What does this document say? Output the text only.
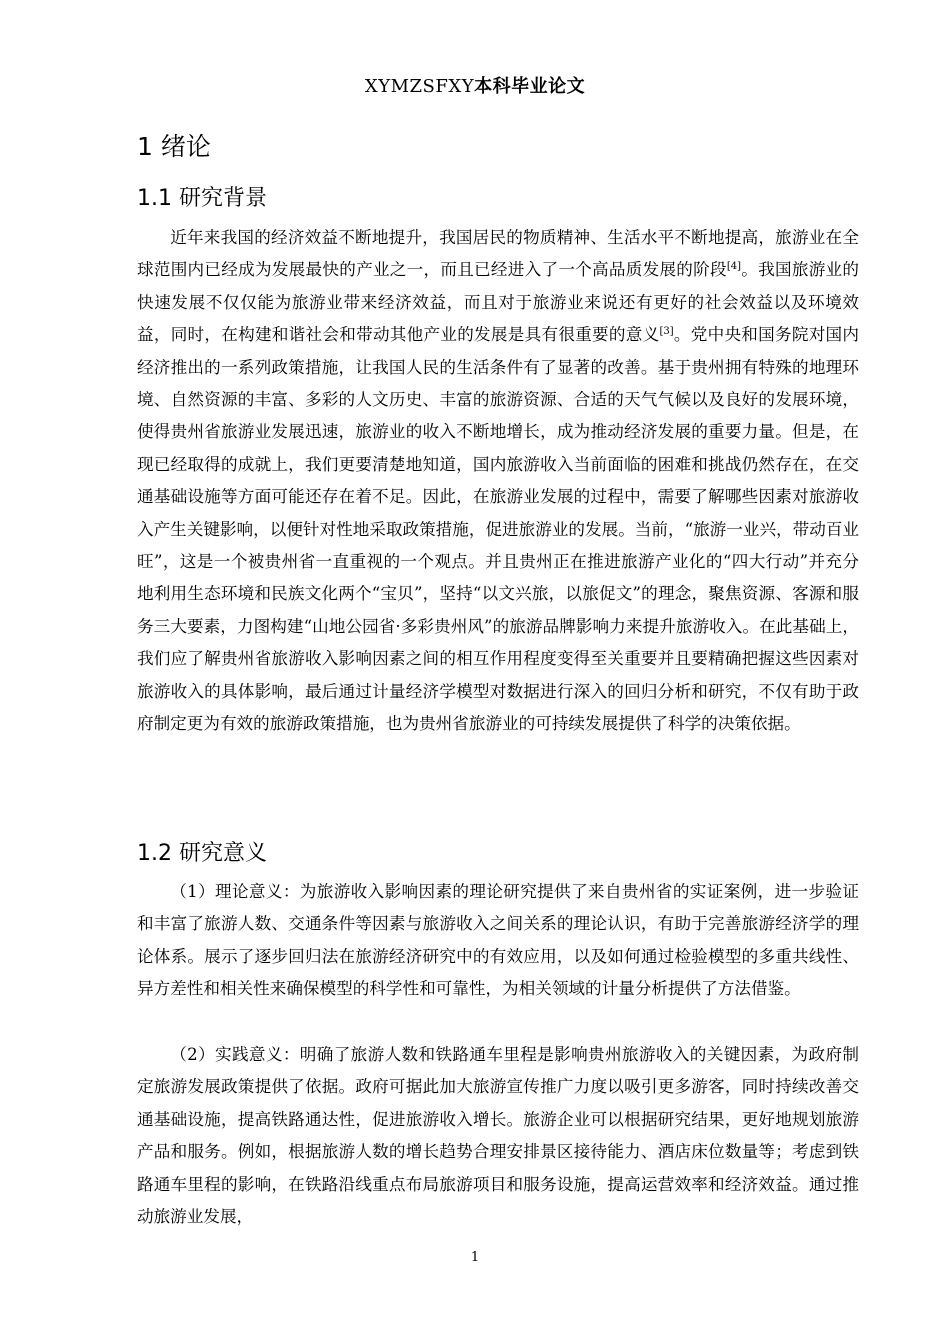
XYMZSFXY本科毕业论文
1 绪论
1.1 研究背景

近年来我国的经济效益不断地提升，我国居民的物质精神、生活水平不断地提高，旅游业在全球范围内已经成为发展最快的产业之一，而且已经进入了一个高品质发展的阶段[4]。我国旅游业的快速发展不仅仅能为旅游业带来经济效益，而且对于旅游业来说还有更好的社会效益以及环境效益，同时，在构建和谐社会和带动其他产业的发展是具有很重要的意义[3]。党中央和国务院对国内经济推出的一系列政策措施，让我国人民的生活条件有了显著的改善。基于贵州拥有特殊的地理环境、自然资源的丰富、多彩的人文历史、丰富的旅游资源、合适的天气气候以及良好的发展环境，使得贵州省旅游业发展迅速，旅游业的收入不断地增长，成为推动经济发展的重要力量。但是，在现已经取得的成就上，我们更要清楚地知道，国内旅游收入当前面临的困难和挑战仍然存在，在交通基础设施等方面可能还存在着不足。因此，在旅游业发展的过程中，需要了解哪些因素对旅游收入产生关键影响，以便针对性地采取政策措施，促进旅游业的发展。当前，“旅游一业兴，带动百业旺”，这是一个被贵州省一直重视的一个观点。并且贵州正在推进旅游产业化的“四大行动”并充分地利用生态环境和民族文化两个“宝贝”，坚持“以文兴旅，以旅促文”的理念，聚焦资源、客源和服务三大要素，力图构建“山地公园省·多彩贵州风”的旅游品牌影响力来提升旅游收入。在此基础上，我们应了解贵州省旅游收入影响因素之间的相互作用程度变得至关重要并且要精确把握这些因素对旅游收入的具体影响，最后通过计量经济学模型对数据进行深入的回归分析和研究，不仅有助于政府制定更为有效的旅游政策措施，也为贵州省旅游业的可持续发展提供了科学的决策依据。

1.2 研究意义

（1）理论意义：为旅游收入影响因素的理论研究提供了来自贵州省的实证案例，进一步验证和丰富了旅游人数、交通条件等因素与旅游收入之间关系的理论认识，有助于完善旅游经济学的理论体系。展示了逐步回归法在旅游经济研究中的有效应用，以及如何通过检验模型的多重共线性、异方差性和相关性来确保模型的科学性和可靠性，为相关领域的计量分析提供了方法借鉴。

（2）实践意义：明确了旅游人数和铁路通车里程是影响贵州旅游收入的关键因素，为政府制定旅游发展政策提供了依据。政府可据此加大旅游宣传推广力度以吸引更多游客，同时持续改善交通基础设施，提高铁路通达性，促进旅游收入增长。旅游企业可以根据研究结果，更好地规划旅游产品和服务。例如，根据旅游人数的增长趋势合理安排景区接待能力、酒店床位数量等；考虑到铁路通车里程的影响，在铁路沿线重点布局旅游项目和服务设施，提高运营效率和经济效益。通过推动旅游业发展，

1
